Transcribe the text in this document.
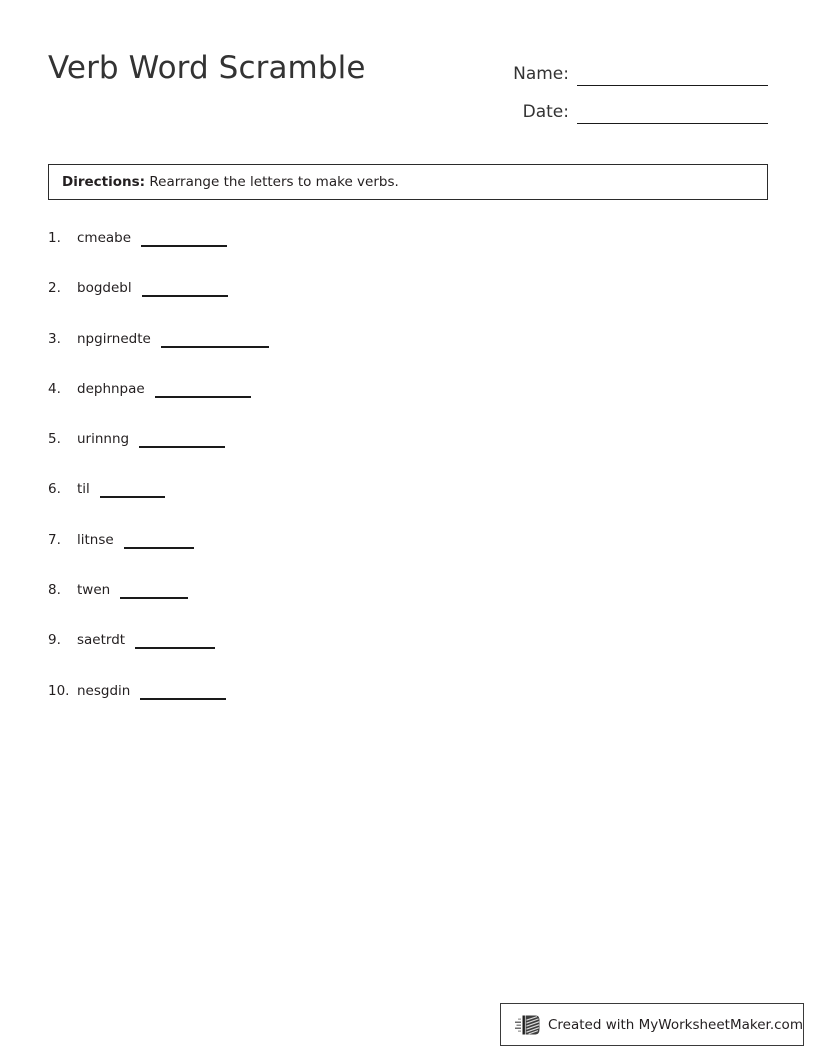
Verb Word Scramble	Name:
Date:
Directions: Rearrange the letters to make verbs.
1.	cmeabe
2.	bogdebl
3.	npgirnedte
4.	dephnpae
5.	urinnng
6.	til
7.	litnse
8.	twen
9.	saetrdt
10. nesgdin
Created with MyWorksheetMaker.com
